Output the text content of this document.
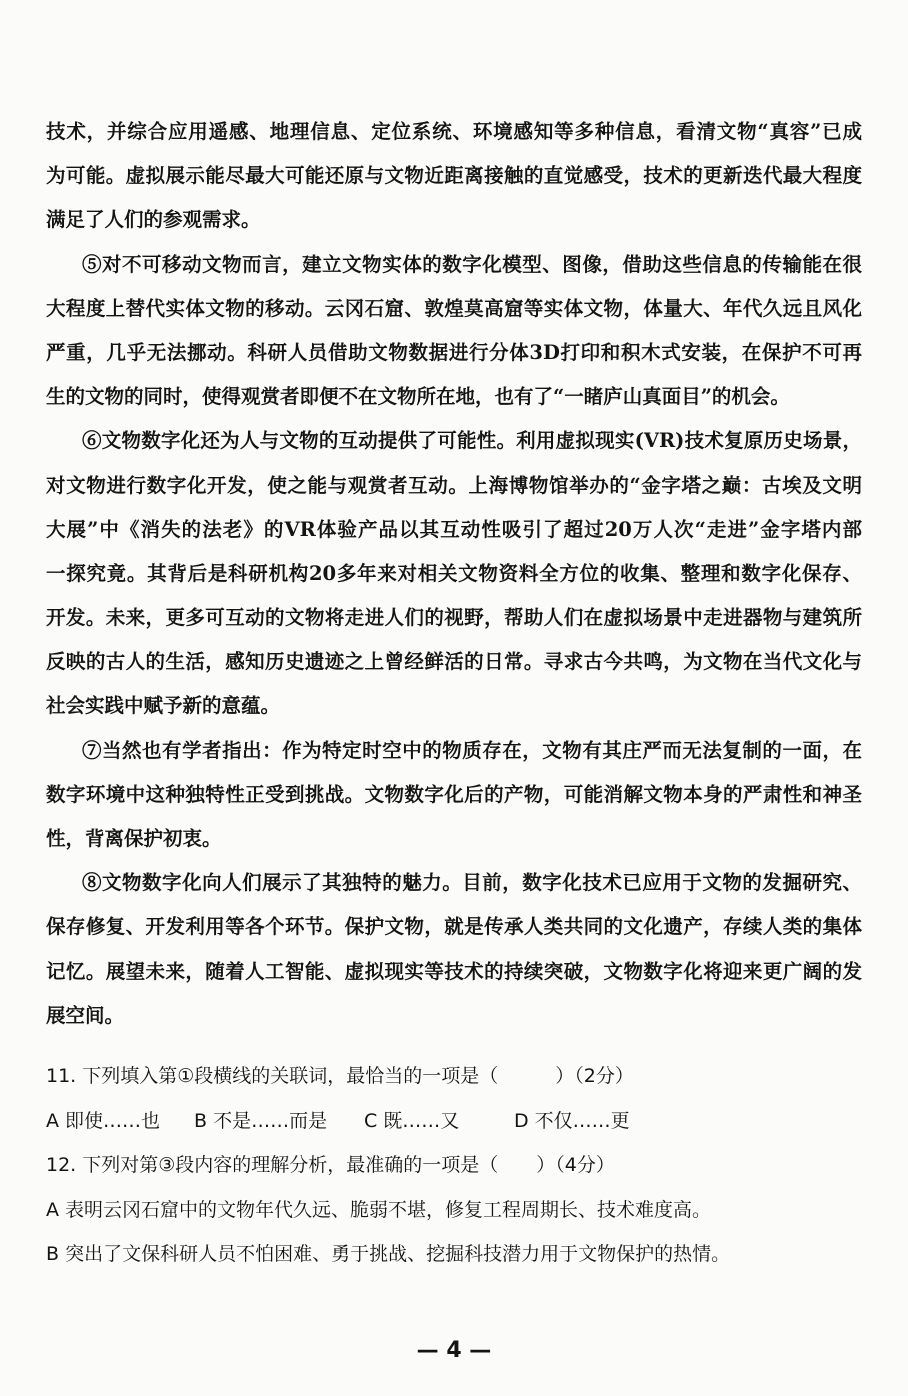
技术，并综合应用遥感、地理信息、定位系统、环境感知等多种信息，看清文物“真容”已成
为可能。虚拟展示能尽最大可能还原与文物近距离接触的直觉感受，技术的更新迭代最大程度
满足了人们的参观需求。
⑤对不可移动文物而言，建立文物实体的数字化模型、图像，借助这些信息的传输能在很
大程度上替代实体文物的移动。云冈石窟、敦煌莫高窟等实体文物，体量大、年代久远且风化
严重，几乎无法挪动。科研人员借助文物数据进行分体3D打印和积木式安装，在保护不可再
生的文物的同时，使得观赏者即便不在文物所在地，也有了“一睹庐山真面目”的机会。
⑥文物数字化还为人与文物的互动提供了可能性。利用虚拟现实(VR)技术复原历史场景，
对文物进行数字化开发，使之能与观赏者互动。上海博物馆举办的“金字塔之巅：古埃及文明
大展”中《消失的法老》的VR体验产品以其互动性吸引了超过20万人次“走进”金字塔内部
一探究竟。其背后是科研机构20多年来对相关文物资料全方位的收集、整理和数字化保存、
开发。未来，更多可互动的文物将走进人们的视野，帮助人们在虚拟场景中走进器物与建筑所
反映的古人的生活，感知历史遗迹之上曾经鲜活的日常。寻求古今共鸣，为文物在当代文化与
社会实践中赋予新的意蕴。
⑦当然也有学者指出：作为特定时空中的物质存在，文物有其庄严而无法复制的一面，在
数字环境中这种独特性正受到挑战。文物数字化后的产物，可能消解文物本身的严肃性和神圣
性，背离保护初衷。
⑧文物数字化向人们展示了其独特的魅力。目前，数字化技术已应用于文物的发掘研究、
保存修复、开发利用等各个环节。保护文物，就是传承人类共同的文化遗产，存续人类的集体
记忆。展望未来，随着人工智能、虚拟现实等技术的持续突破，文物数字化将迎来更广阔的发
展空间。
11. 下列填入第①段横线的关联词，最恰当的一项是（　　　）（2分）
A 即使……也 B 不是……而是 C 既……又	D 不仅……更
12. 下列对第③段内容的理解分析，最准确的一项是（　　）（4分）
A 表明云冈石窟中的文物年代久远、脆弱不堪，修复工程周期长、技术难度高。
B 突出了文保科研人员不怕困难、勇于挑战、挖掘科技潜力用于文物保护的热情。
— 4 —
